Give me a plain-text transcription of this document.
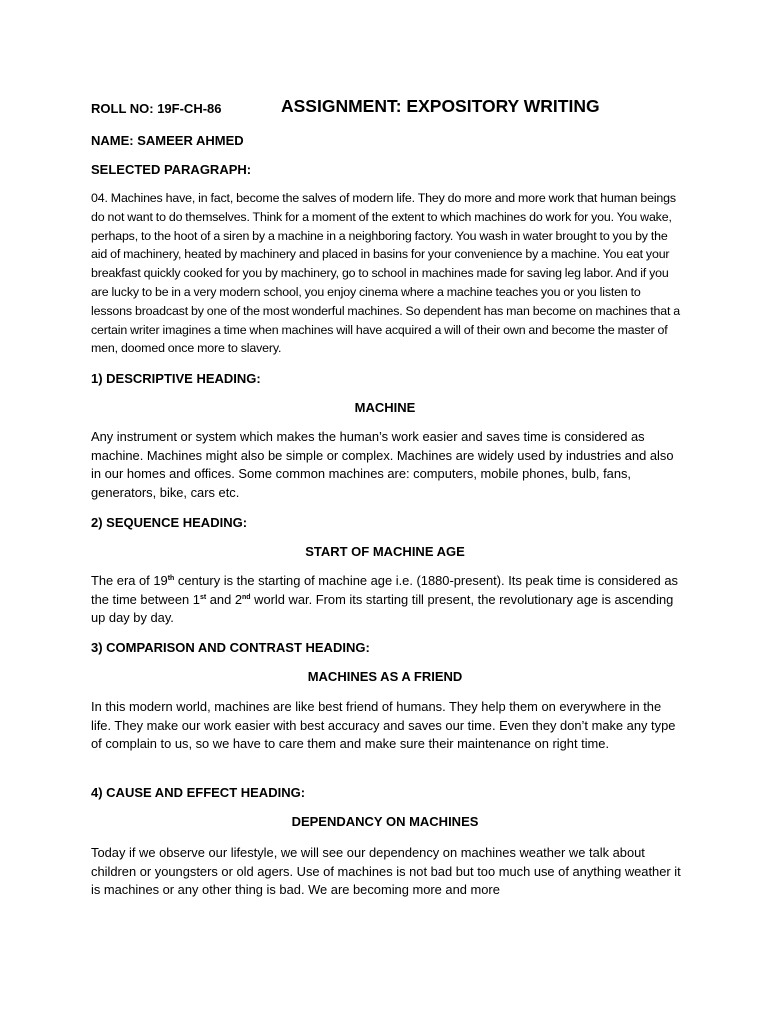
ROLL NO: 19F-CH-86	ASSIGNMENT: EXPOSITORY WRITING
NAME: SAMEER AHMED
SELECTED PARAGRAPH:

04. Machines have, in fact, become the salves of modern life. They do more and more work that human beings do not want to do themselves. Think for a moment of the extent to which machines do work for you. You wake, perhaps, to the hoot of a siren by a machine in a neighboring factory. You wash in water brought to you by the aid of machinery, heated by machinery and placed in basins for your convenience by a machine. You eat your breakfast quickly cooked for you by machinery, go to school in machines made for saving leg labor. And if you are lucky to be in a very modern school, you enjoy cinema where a machine teaches you or you listen to lessons broadcast by one of the most wonderful machines. So dependent has man become on machines that a certain writer imagines a time when machines will have acquired a will of their own and become the master of men, doomed once more to slavery.

1) DESCRIPTIVE HEADING:
MACHINE

Any instrument or system which makes the human’s work easier and saves time is considered as machine. Machines might also be simple or complex. Machines are widely used by industries and also in our homes and offices. Some common machines are: computers, mobile phones, bulb, fans, generators, bike, cars etc.

2) SEQUENCE HEADING:
START OF MACHINE AGE

The era of 19th century is the starting of machine age i.e. (1880-present). Its peak time is considered as the time between 1st and 2nd world war. From its starting till present, the revolutionary age is ascending up day by day.

3) COMPARISON AND CONTRAST HEADING:
MACHINES AS A FRIEND

In this modern world, machines are like best friend of humans. They help them on everywhere in the life. They make our work easier with best accuracy and saves our time. Even they don’t make any type of complain to us, so we have to care them and make sure their maintenance on right time.

4) CAUSE AND EFFECT HEADING:
DEPENDANCY ON MACHINES

Today if we observe our lifestyle, we will see our dependency on machines weather we talk about children or youngsters or old agers. Use of machines is not bad but too much use of anything weather it is machines or any other thing is bad. We are becoming more and more
